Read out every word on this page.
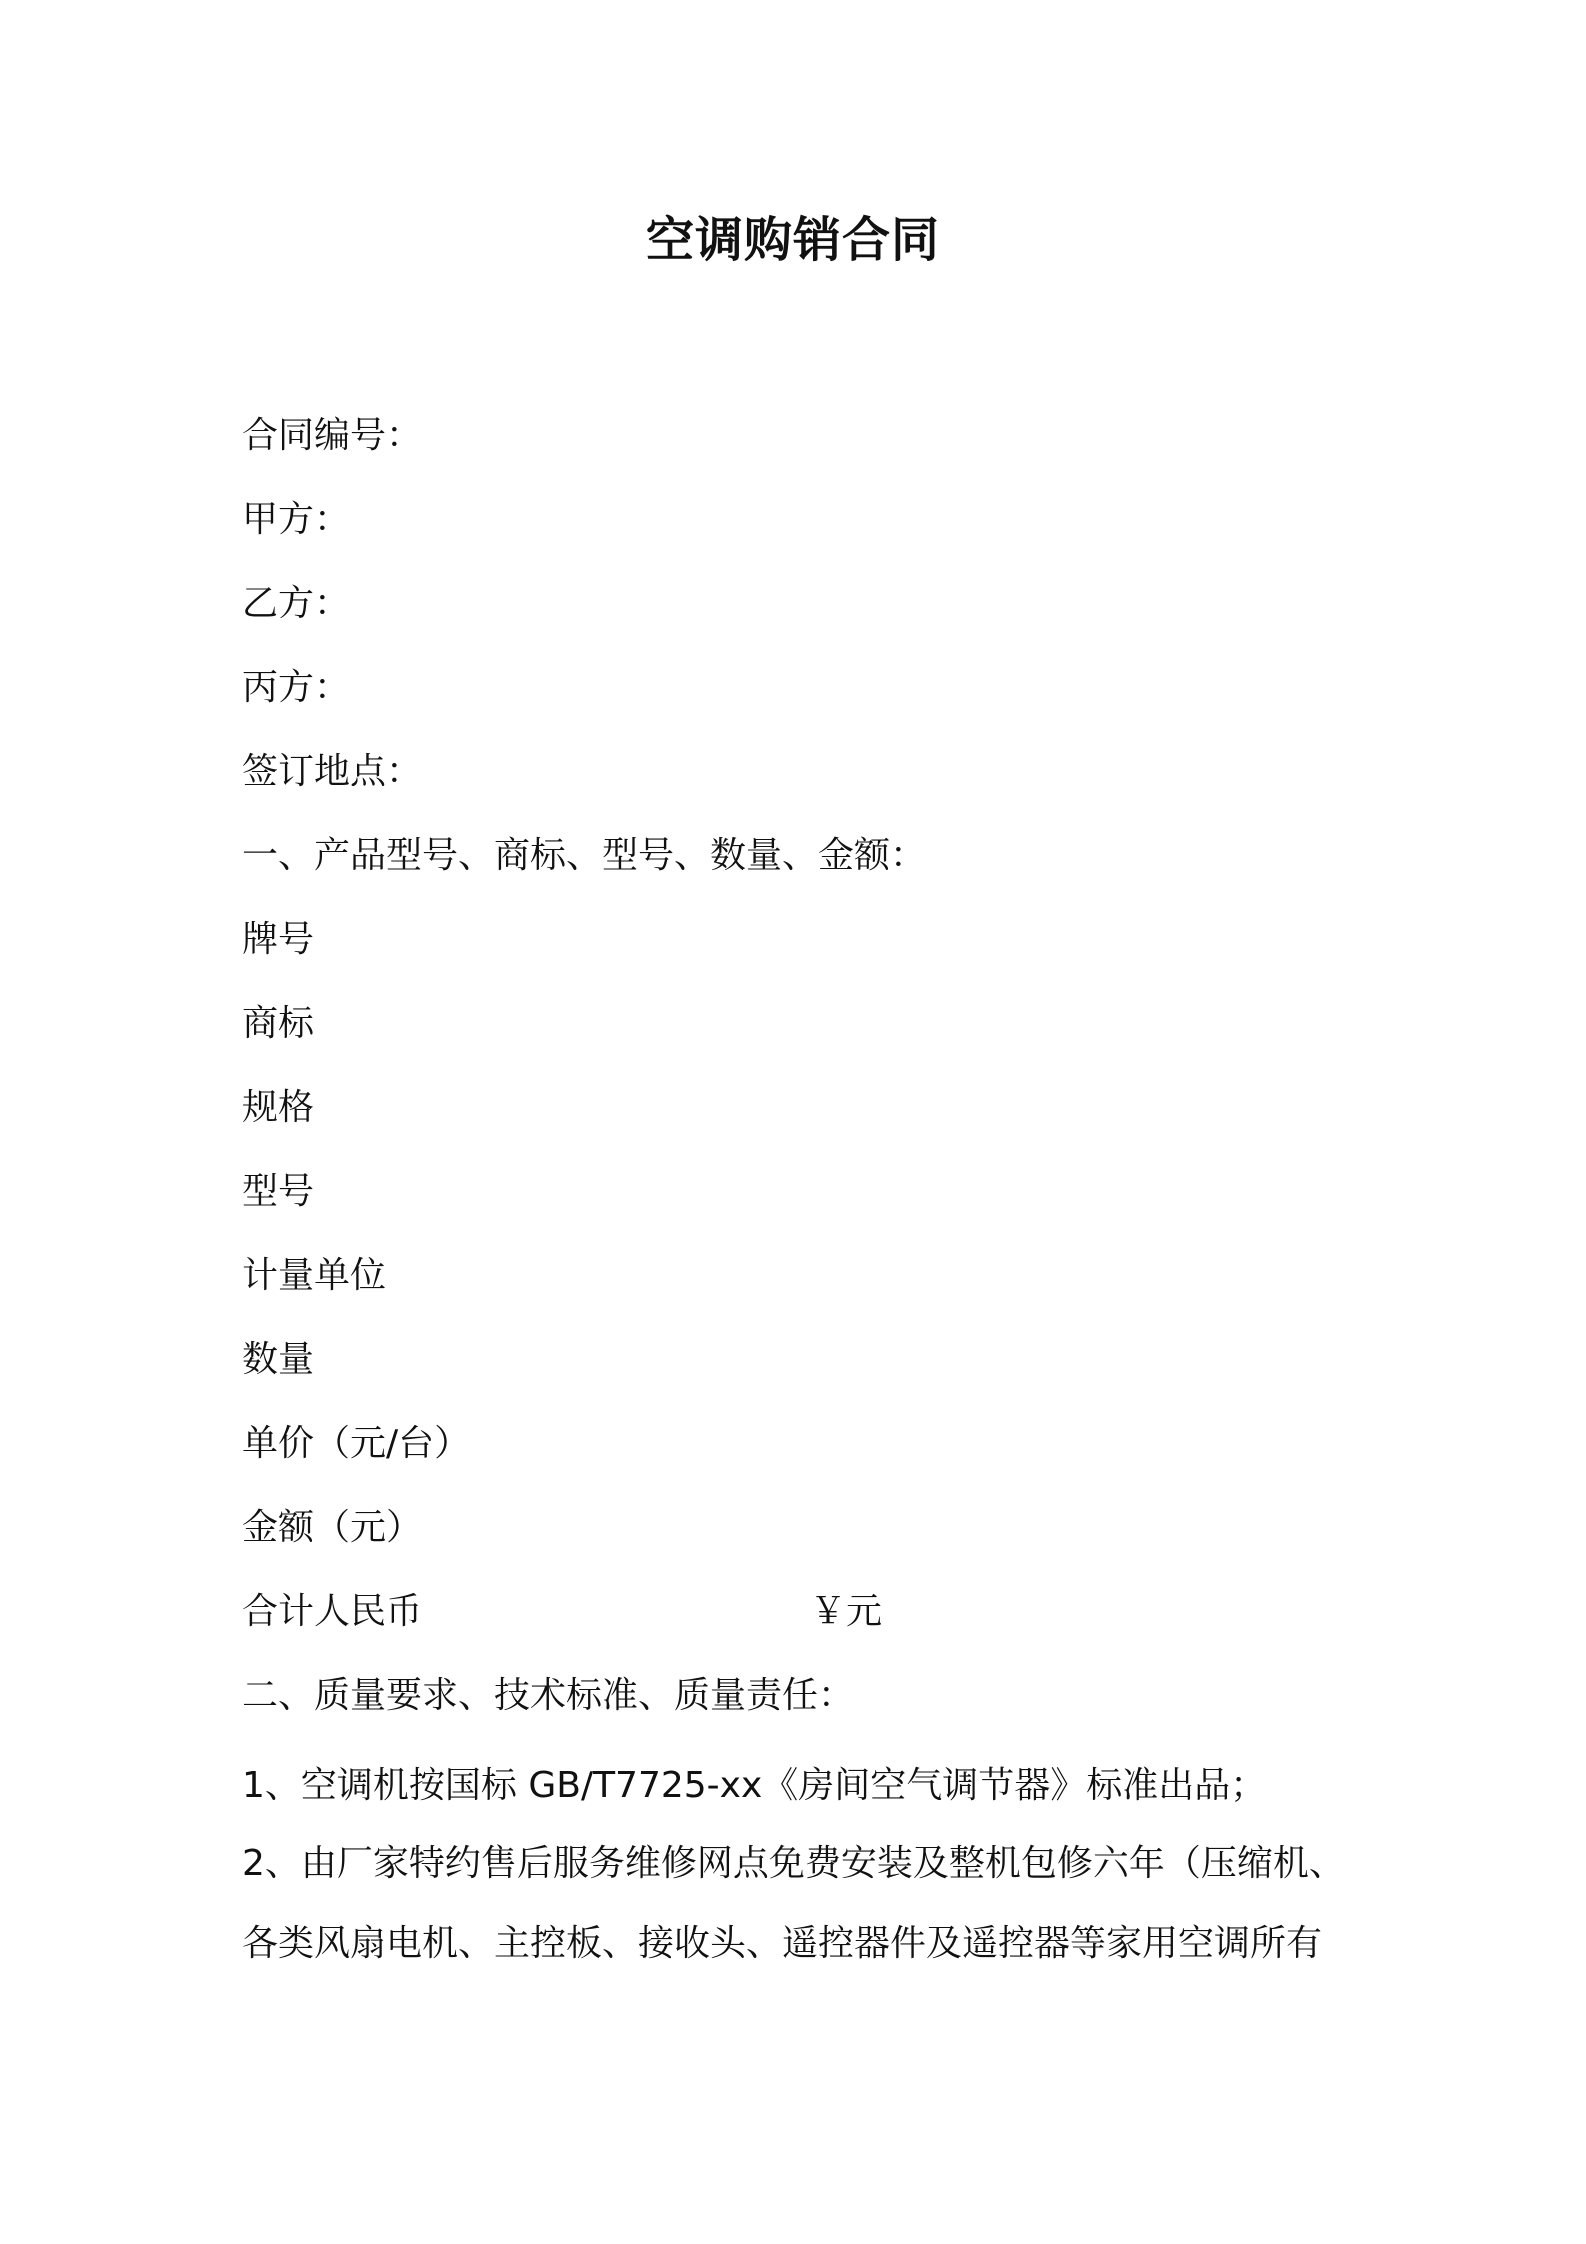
空调购销合同
合同编号：
甲方：
乙方：
丙方：
签订地点：
一、产品型号、商标、型号、数量、金额：
牌号
商标
规格
型号
计量单位
数量
单价（元/台）
金额（元）
合计人民币	￥元
二、质量要求、技术标准、质量责任：
1、空调机按国标 GB/T7725-xx《房间空气调节器》标准出品；
2、由厂家特约售后服务维修网点免费安装及整机包修六年（压缩机、
各类风扇电机、主控板、接收头、遥控器件及遥控器等家用空调所有
